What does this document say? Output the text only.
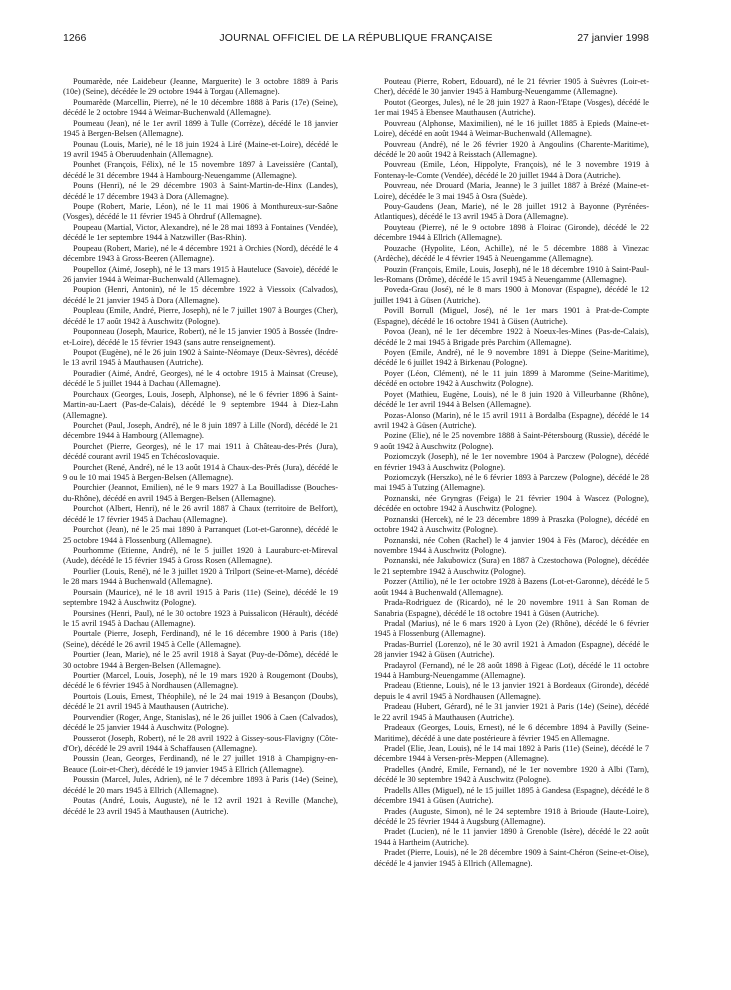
1266	JOURNAL OFFICIEL DE LA RÉPUBLIQUE FRANÇAISE	27 janvier 1998

Poumarède, née Laidebeur (Jeanne, Marguerite) le 3 octobre 1889 à Paris (10e) (Seine), décédée le 29 octobre 1944 à Torgau (Allemagne).

Poumarède (Marcellin, Pierre), né le 10 décembre 1888 à Paris (17e) (Seine), décédé le 2 octobre 1944 à Weimar-Buchenwald (Allemagne).

Poumeau (Jean), né le 1er avril 1899 à Tulle (Corrèze), décédé le 18 janvier 1945 à Bergen-Belsen (Allemagne).

Pounau (Louis, Marie), né le 18 juin 1924 à Liré (Maine-et-Loire), décédé le 19 avril 1945 à Oberuudenhain (Allemagne).

Pounhet (François, Félix), né le 15 novembre 1897 à Laveissière (Cantal), décédé le 31 décembre 1944 à Hambourg-Neuengamme (Allemagne).

Pouns (Henri), né le 29 décembre 1903 à Saint-Martin-de-Hinx (Landes), décédé le 17 décembre 1943 à Dora (Allemagne).

Poupe (Robert, Marie, Léon), né le 11 mai 1906 à Monthureux-sur-Saône (Vosges), décédé le 11 février 1945 à Ohrdruf (Allemagne).

Poupeau (Martial, Victor, Alexandre), né le 28 mai 1893 à Fontaines (Vendée), décédé le 1er septembre 1944 à Natzwiller (Bas-Rhin).

Poupeau (Robert, Marie), né le 4 décembre 1921 à Orchies (Nord), décédé le 4 décembre 1943 à Gross-Beeren (Allemagne).

Poupelloz (Aimé, Joseph), né le 13 mars 1915 à Hauteluce (Savoie), décédé le 26 janvier 1944 à Weimar-Buchenwald (Allemagne).

Poupion (Henri, Antonin), né le 15 décembre 1922 à Viessoix (Calvados), décédé le 21 janvier 1945 à Dora (Allemagne).

Poupleau (Emile, André, Pierre, Joseph), né le 7 juillet 1907 à Bourges (Cher), décédé le 17 août 1942 à Auschwitz (Pologne).

Pouponneau (Joseph, Maurice, Robert), né le 15 janvier 1905 à Bossée (Indre-et-Loire), décédé le 15 février 1943 (sans autre renseignement).

Poupot (Eugène), né le 26 juin 1902 à Sainte-Néomaye (Deux-Sèvres), décédé le 13 avril 1945 à Mauthausen (Autriche).

Pouradier (Aimé, André, Georges), né le 4 octobre 1915 à Mainsat (Creuse), décédé le 5 juillet 1944 à Dachau (Allemagne).

Pourchaux (Georges, Louis, Joseph, Alphonse), né le 6 février 1896 à Saint-Martin-au-Laert (Pas-de-Calais), décédé le 9 septembre 1944 à Diez-Lahn (Allemagne).

Pourchet (Paul, Joseph, André), né le 8 juin 1897 à Lille (Nord), décédé le 21 décembre 1944 à Hambourg (Allemagne).

Pourchet (Pierre, Georges), né le 17 mai 1911 à Château-des-Prés (Jura), décédé courant avril 1945 en Tchécoslovaquie.

Pourchet (René, André), né le 13 août 1914 à Chaux-des-Prés (Jura), décédé le 9 ou le 10 mai 1945 à Bergen-Belsen (Allemagne).

Pourchier (Jeannot, Emilien), né le 9 mars 1927 à La Bouilladisse (Bouches-du-Rhône), décédé en avril 1945 à Bergen-Belsen (Allemagne).

Pourchot (Albert, Henri), né le 26 avril 1887 à Chaux (territoire de Belfort), décédé le 17 février 1945 à Dachau (Allemagne).

Pourchot (Jean), né le 25 mai 1890 à Parranquet (Lot-et-Garonne), décédé le 25 octobre 1944 à Flossenburg (Allemagne).

Pourhomme (Etienne, André), né le 5 juillet 1920 à Lauraburc-et-Mireval (Aude), décédé le 15 février 1945 à Gross Rosen (Allemagne).

Pourlier (Louis, René), né le 3 juillet 1920 à Trilport (Seine-et-Marne), décédé le 28 mars 1944 à Buchenwald (Allemagne).

Poursain (Maurice), né le 18 avril 1915 à Paris (11e) (Seine), décédé le 19 septembre 1942 à Auschwitz (Pologne).

Poursines (Henri, Paul), né le 30 octobre 1923 à Puissalicon (Hérault), décédé le 15 avril 1945 à Dachau (Allemagne).

Pourtale (Pierre, Joseph, Ferdinand), né le 16 décembre 1900 à Paris (18e) (Seine), décédé le 26 avril 1945 à Celle (Allemagne).

Pourtier (Jean, Marie), né le 25 avril 1918 à Sayat (Puy-de-Dôme), décédé le 30 octobre 1944 à Bergen-Belsen (Allemagne).

Pourtier (Marcel, Louis, Joseph), né le 19 mars 1920 à Rougemont (Doubs), décédé le 6 février 1945 à Nordhausen (Allemagne).

Pourtois (Louis, Ernest, Théophile), né le 24 mai 1919 à Besançon (Doubs), décédé le 21 avril 1945 à Mauthausen (Autriche).

Pourvendier (Roger, Ange, Stanislas), né le 26 juillet 1906 à Caen (Calvados), décédé le 25 janvier 1944 à Auschwitz (Pologne).

Pousserot (Joseph, Robert), né le 28 avril 1922 à Gissey-sous-Flavigny (Côte-d'Or), décédé le 29 avril 1944 à Schaffausen (Allemagne).

Poussin (Jean, Georges, Ferdinand), né le 27 juillet 1918 à Champigny-en-Beauce (Loir-et-Cher), décédé le 19 janvier 1945 à Ellrich (Allemagne).

Poussin (Marcel, Jules, Adrien), né le 7 décembre 1893 à Paris (14e) (Seine), décédé le 20 mars 1945 à Ellrich (Allemagne).

Poutas (André, Louis, Auguste), né le 12 avril 1921 à Reville (Manche), décédé le 23 avril 1945 à Mauthausen (Autriche).

Pouteau (Pierre, Robert, Edouard), né le 21 février 1905 à Suèvres (Loir-et-Cher), décédé le 30 janvier 1945 à Hamburg-Neuengamme (Allemagne).

Poutot (Georges, Jules), né le 28 juin 1927 à Raon-l'Etape (Vosges), décédé le 1er mai 1945 à Ebensee Mauthausen (Autriche).

Pouvreau (Alphonse, Maximilien), né le 16 juillet 1885 à Epieds (Maine-et-Loire), décédé en août 1944 à Weimar-Buchenwald (Allemagne).

Pouvreau (André), né le 26 février 1920 à Angoulins (Charente-Maritime), décédé le 20 août 1942 à Reisstach (Allemagne).

Pouvreau (Emile, Léon, Hippolyte, François), né le 3 novembre 1919 à Fontenay-le-Comte (Vendée), décédé le 20 juillet 1944 à Dora (Autriche).

Pouvreau, née Drouard (Maria, Jeanne) le 3 juillet 1887 à Brézé (Maine-et-Loire), décédée le 3 mai 1945 à Osra (Suède).

Pouy-Gaudens (Jean, Marie), né le 28 juillet 1912 à Bayonne (Pyrénées-Atlantiques), décédé le 13 avril 1945 à Dora (Allemagne).

Pouyteau (Pierre), né le 9 octobre 1898 à Floirac (Gironde), décédé le 22 décembre 1944 à Ellrich (Allemagne).

Pouzache (Hypolite, Léon, Achille), né le 5 décembre 1888 à Vinezac (Ardèche), décédé le 4 février 1945 à Neuengamme (Allemagne).

Pouzin (François, Emile, Louis, Joseph), né le 18 décembre 1910 à Saint-Paul-les-Romans (Drôme), décédé le 15 avril 1945 à Neuengamme (Allemagne).

Poveda-Grau (José), né le 8 mars 1900 à Monovar (Espagne), décédé le 12 juillet 1941 à Güsen (Autriche).

Povill Borrull (Miguel, José), né le 1er mars 1901 à Prat-de-Compte (Espagne), décédé le 16 octobre 1941 à Güsen (Autriche).

Povoa (Jean), né le 1er décembre 1922 à Noeux-les-Mines (Pas-de-Calais), décédé le 2 mai 1945 à Brigade près Parchim (Allemagne).

Poyen (Emile, André), né le 9 novembre 1891 à Dieppe (Seine-Maritime), décédé le 6 juillet 1942 à Birkenau (Pologne).

Poyer (Léon, Clément), né le 11 juin 1899 à Maromme (Seine-Maritime), décédé en octobre 1942 à Auschwitz (Pologne).

Poyet (Mathieu, Eugène, Louis), né le 8 juin 1920 à Villeurbanne (Rhône), décédé le 1er avril 1944 à Belsen (Allemagne).

Pozas-Alonso (Marin), né le 15 avril 1911 à Bordalba (Espagne), décédé le 14 avril 1942 à Güsen (Autriche).

Pozine (Elie), né le 25 novembre 1888 à Saint-Pétersbourg (Russie), décédé le 9 août 1942 à Auschwitz (Pologne).

Poziomczyk (Joseph), né le 1er novembre 1904 à Parczew (Pologne), décédé en février 1943 à Auschwitz (Pologne).

Poziomczyk (Herszko), né le 6 février 1893 à Parczew (Pologne), décédé le 28 mai 1945 à Tutzing (Allemagne).

Poznanski, née Gryngras (Feiga) le 21 février 1904 à Wascez (Pologne), décédée en octobre 1942 à Auschwitz (Pologne).

Poznanski (Hercek), né le 23 décembre 1899 à Praszka (Pologne), décédé en octobre 1942 à Auschwitz (Pologne).

Poznanski, née Cohen (Rachel) le 4 janvier 1904 à Fès (Maroc), décédée en novembre 1944 à Auschwitz (Pologne).

Poznanski, née Jakubowicz (Sura) en 1887 à Czestochowa (Pologne), décédée le 21 septembre 1942 à Auschwitz (Pologne).

Pozzer (Attilio), né le 1er octobre 1928 à Bazens (Lot-et-Garonne), décédé le 5 août 1944 à Buchenwald (Allemagne).

Prada-Rodriguez de (Ricardo), né le 20 novembre 1911 à San Roman de Sanabria (Espagne), décédé le 18 octobre 1941 à Güsen (Autriche).

Pradal (Marius), né le 6 mars 1920 à Lyon (2e) (Rhône), décédé le 6 février 1945 à Flossenburg (Allemagne).

Pradas-Burriel (Lorenzo), né le 30 avril 1921 à Amadon (Espagne), décédé le 28 janvier 1942 à Güsen (Autriche).

Pradayrol (Fernand), né le 28 août 1898 à Figeac (Lot), décédé le 11 octobre 1944 à Hamburg-Neuengamme (Allemagne).

Pradeau (Etienne, Louis), né le 13 janvier 1921 à Bordeaux (Gironde), décédé depuis le 4 avril 1945 à Nordhausen (Allemagne).

Pradeau (Hubert, Gérard), né le 31 janvier 1921 à Paris (14e) (Seine), décédé le 22 avril 1945 à Mauthausen (Autriche).

Pradeaux (Georges, Louis, Ernest), né le 6 décembre 1894 à Pavilly (Seine-Maritime), décédé à une date postérieure à février 1945 en Allemagne.

Pradel (Elie, Jean, Louis), né le 14 mai 1892 à Paris (11e) (Seine), décédé le 7 décembre 1944 à Versen-près-Meppen (Allemagne).

Pradelles (André, Emile, Fernand), né le 1er novembre 1920 à Albi (Tarn), décédé le 30 septembre 1942 à Auschwitz (Pologne).

Pradells Alles (Miguel), né le 15 juillet 1895 à Gandesa (Espagne), décédé le 8 décembre 1941 à Güsen (Autriche).

Prades (Auguste, Simon), né le 24 septembre 1918 à Brioude (Haute-Loire), décédé le 25 février 1944 à Augsburg (Allemagne).

Pradet (Lucien), né le 11 janvier 1890 à Grenoble (Isère), décédé le 22 août 1944 à Hartheim (Autriche).

Pradet (Pierre, Louis), né le 28 décembre 1909 à Saint-Chéron (Seine-et-Oise), décédé le 4 janvier 1945 à Ellrich (Allemagne).
